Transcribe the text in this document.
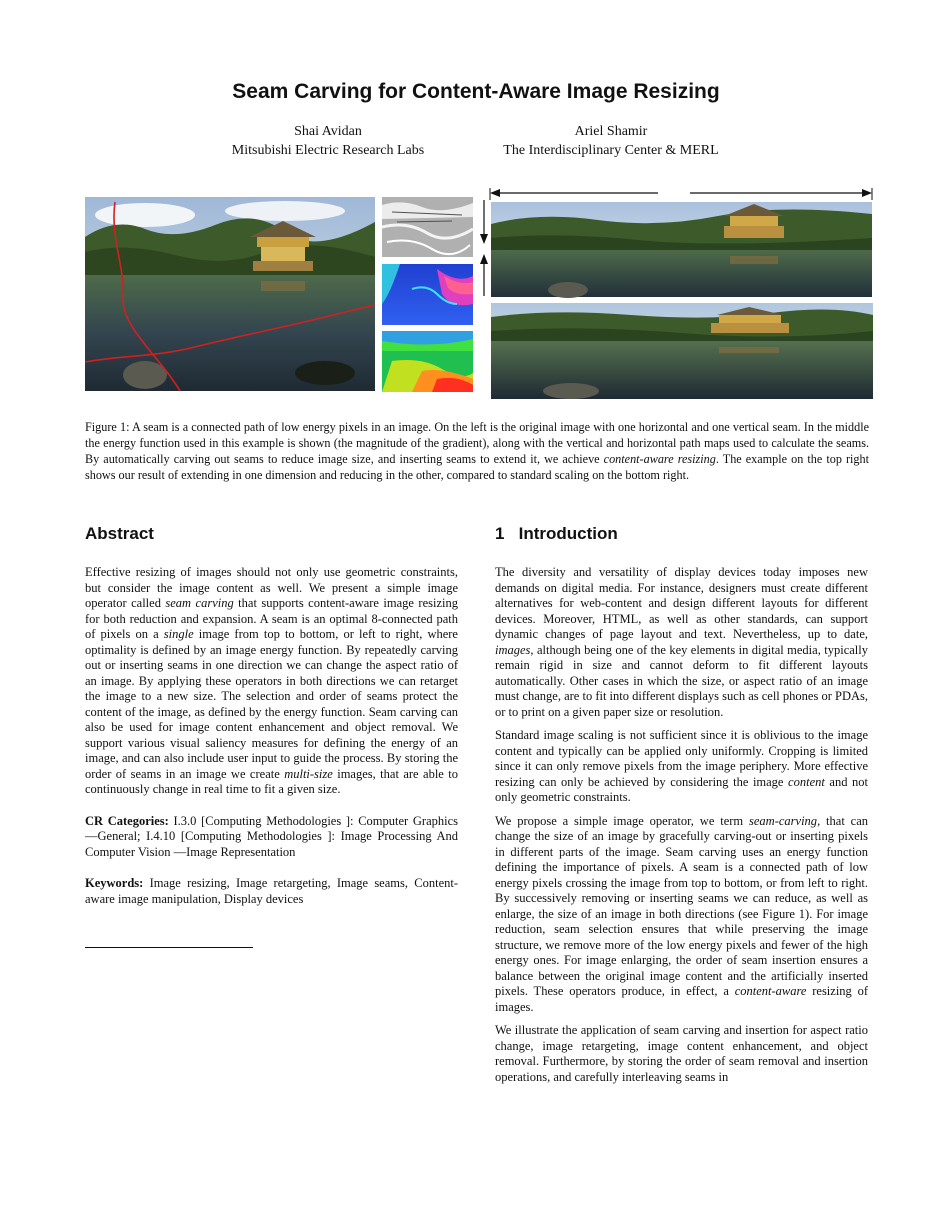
Seam Carving for Content-Aware Image Resizing
Shai Avidan
Mitsubishi Electric Research Labs
Ariel Shamir
The Interdisciplinary Center & MERL
Figure 1: A seam is a connected path of low energy pixels in an image. On the left is the original image with one horizontal and one vertical seam. In the middle the energy function used in this example is shown (the magnitude of the gradient), along with the vertical and horizontal path maps used to calculate the seams. By automatically carving out seams to reduce image size, and inserting seams to extend it, we achieve content-aware resizing. The example on the top right shows our result of extending in one dimension and reducing in the other, compared to standard scaling on the bottom right.
Abstract	1   Introduction

Effective resizing of images should not only use geometric constraints, but consider the image content as well. We present a simple image operator called seam carving that supports content-aware image resizing for both reduction and expansion. A seam is an optimal 8-connected path of pixels on a single image from top to bottom, or left to right, where optimality is defined by an image energy function. By repeatedly carving out or inserting seams in one direction we can change the aspect ratio of an image. By applying these operators in both directions we can retarget the image to a new size. The selection and order of seams protect the content of the image, as defined by the energy function. Seam carving can also be used for image content enhancement and object removal. We support various visual saliency measures for defining the energy of an image, and can also include user input to guide the process. By storing the order of seams in an image we create multi-size images, that are able to continuously change in real time to fit a given size.

CR Categories: I.3.0 [Computing Methodologies ]: Computer Graphics—General; I.4.10 [Computing Methodologies ]: Image Processing And Computer Vision —Image Representation

Keywords: Image resizing, Image retargeting, Image seams, Content-aware image manipulation, Display devices

The diversity and versatility of display devices today imposes new demands on digital media. For instance, designers must create different alternatives for web-content and design different layouts for different devices. Moreover, HTML, as well as other standards, can support dynamic changes of page layout and text. Nevertheless, up to date, images, although being one of the key elements in digital media, typically remain rigid in size and cannot deform to fit different layouts automatically. Other cases in which the size, or aspect ratio of an image must change, are to fit into different displays such as cell phones or PDAs, or to print on a given paper size or resolution.

Standard image scaling is not sufficient since it is oblivious to the image content and typically can be applied only uniformly. Cropping is limited since it can only remove pixels from the image periphery. More effective resizing can only be achieved by considering the image content and not only geometric constraints.

We propose a simple image operator, we term seam-carving, that can change the size of an image by gracefully carving-out or inserting pixels in different parts of the image. Seam carving uses an energy function defining the importance of pixels. A seam is a connected path of low energy pixels crossing the image from top to bottom, or from left to right. By successively removing or inserting seams we can reduce, as well as enlarge, the size of an image in both directions (see Figure 1). For image reduction, seam selection ensures that while preserving the image structure, we remove more of the low energy pixels and fewer of the high energy ones. For image enlarging, the order of seam insertion ensures a balance between the original image content and the artificially inserted pixels. These operators produce, in effect, a content-aware resizing of images.

We illustrate the application of seam carving and insertion for aspect ratio change, image retargeting, image content enhancement, and object removal. Furthermore, by storing the order of seam removal and insertion operations, and carefully interleaving seams in
